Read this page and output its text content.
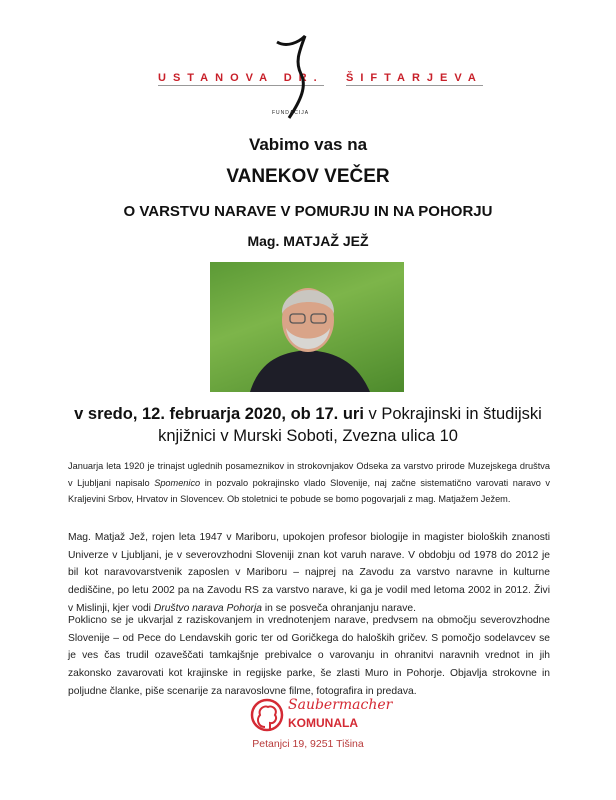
USTANOVA DR. ŠIFTARJEVA
FUNDACIJA
Vabimo vas na
VANEKOV VEČER
O VARSTVU NARAVE V POMURJU IN NA POHORJU
Mag. MATJAŽ JEŽ
v sredo, 12. februarja 2020, ob 17. uri v Pokrajinski in študijski knjižnici v Murski Soboti, Zvezna ulica 10
Januarja leta 1920 je trinajst uglednih posameznikov in strokovnjakov Odseka za varstvo prirode Muzejskega društva v Ljubljani napisalo Spomenico in pozvalo pokrajinsko vlado Slovenije, naj začne sistematično varovati naravo v Kraljevini Srbov, Hrvatov in Slovencev. Ob stoletnici te pobude se bomo pogovarjali z mag. Matjažem Ježem.
Mag. Matjaž Jež, rojen leta 1947 v Mariboru, upokojen profesor biologije in magister bioloških znanosti Univerze v Ljubljani, je v severovzhodni Sloveniji znan kot varuh narave. V obdobju od 1978 do 2012 je bil kot naravovarstvenik zaposlen v Mariboru – najprej na Zavodu za varstvo naravne in kulturne dediščine, po letu 2002 pa na Zavodu RS za varstvo narave, ki ga je vodil med letoma 2002 in 2012. Živi v Mislinji, kjer vodi Društvo narava Pohorja in se posveča ohranjanju narave.
Poklicno se je ukvarjal z raziskovanjem in vrednotenjem narave, predvsem na območju severovzhodne Slovenije – od Pece do Lendavskih goric ter od Goričkega do haloških gričev. S pomočjo sodelavcev se je ves čas trudil ozaveščati tamkajšnje prebivalce o varovanju in ohranitvi naravnih vrednot in jih zakonsko zavarovati kot krajinske in regijske parke, še zlasti Muro in Pohorje. Objavlja strokovne in poljudne članke, piše scenarije za naravoslovne filme, fotografira in predava.
Saubermacher
KOMUNALA
Petanjci 19, 9251 Tišina
